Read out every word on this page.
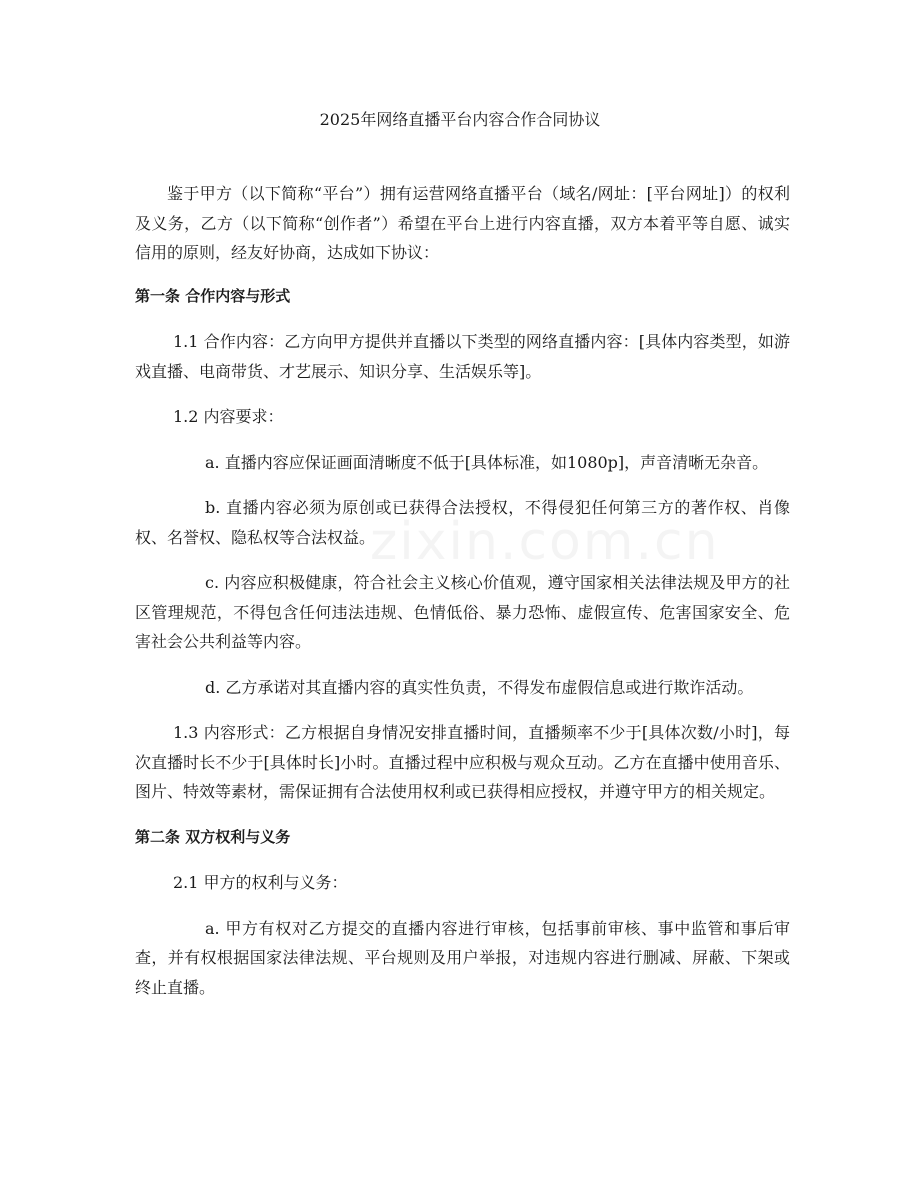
zixin.com.cn
2025年网络直播平台内容合作合同协议

鉴于甲方（以下简称“平台”）拥有运营网络直播平台（域名/网址：[平台网址]）的权利及义务，乙方（以下简称“创作者”）希望在平台上进行内容直播，双方本着平等自愿、诚实信用的原则，经友好协商，达成如下协议：

第一条 合作内容与形式

1.1 合作内容：乙方向甲方提供并直播以下类型的网络直播内容：[具体内容类型，如游戏直播、电商带货、才艺展示、知识分享、生活娱乐等]。

1.2 内容要求：

a. 直播内容应保证画面清晰度不低于[具体标准，如1080p]，声音清晰无杂音。

b. 直播内容必须为原创或已获得合法授权，不得侵犯任何第三方的著作权、肖像权、名誉权、隐私权等合法权益。

c. 内容应积极健康，符合社会主义核心价值观，遵守国家相关法律法规及甲方的社区管理规范，不得包含任何违法违规、色情低俗、暴力恐怖、虚假宣传、危害国家安全、危害社会公共利益等内容。

d. 乙方承诺对其直播内容的真实性负责，不得发布虚假信息或进行欺诈活动。

1.3 内容形式：乙方根据自身情况安排直播时间，直播频率不少于[具体次数/小时]，每次直播时长不少于[具体时长]小时。直播过程中应积极与观众互动。乙方在直播中使用音乐、图片、特效等素材，需保证拥有合法使用权利或已获得相应授权，并遵守甲方的相关规定。

第二条 双方权利与义务

2.1 甲方的权利与义务：

a. 甲方有权对乙方提交的直播内容进行审核，包括事前审核、事中监管和事后审查，并有权根据国家法律法规、平台规则及用户举报，对违规内容进行删减、屏蔽、下架或终止直播。
